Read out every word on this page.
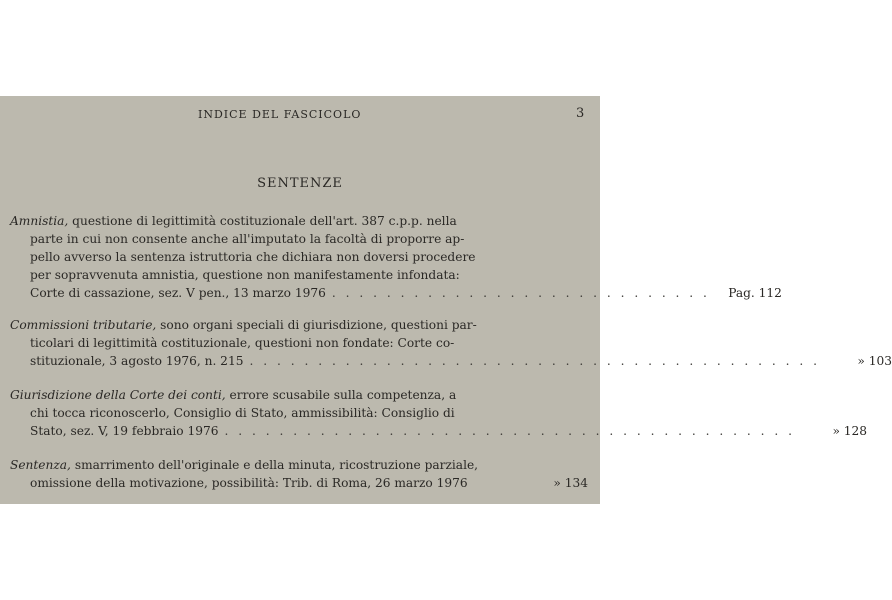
INDICE DEL FASCICOLO	3
SENTENZE
Amnistia, questione di legittimità costituzionale dell'art. 387 c.p.p. nella
parte in cui non consente anche all'imputato la facoltà di proporre ap-
pello avverso la sentenza istruttoria che dichiara non doversi procedere
per sopravvenuta amnistia, questione non manifestamente infondata:
Corte di cassazione, sez. V pen., 13 marzo 1976 . . . . . . . . . . . . . . . . . . . . . . . . . . . .	Pag. 112
Commissioni tributarie, sono organi speciali di giurisdizione, questioni par-
ticolari di legittimità costituzionale, questioni non fondate: Corte co-
stituzionale, 3 agosto 1976, n. 215 . . . . . . . . . . . . . . . . . . . . . . . . . . . . . . . . . . . . . . . . . .	» 103
Giurisdizione della Corte dei conti, errore scusabile sulla competenza, a
chi tocca riconoscerlo, Consiglio di Stato, ammissibilità: Consiglio di
Stato, sez. V, 19 febbraio 1976 . . . . . . . . . . . . . . . . . . . . . . . . . . . . . . . . . . . . . . . . . .	» 128
Sentenza, smarrimento dell'originale e della minuta, ricostruzione parziale,
omissione della motivazione, possibilità: Trib. di Roma, 26 marzo 1976	» 134
